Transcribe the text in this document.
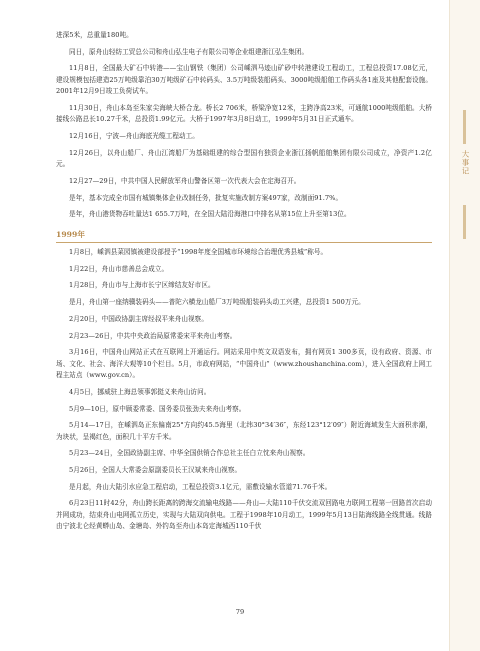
进深5米，总重量180吨。

同日，原舟山轻纺工贸总公司和舟山弘生电子有限公司等企业组建浙江弘生集团。

11月8日，全国最大矿石中转港——宝山钢铁（集团）公司嵊泗马迹山矿砂中转港建设工程动工，工程总投资17.08亿元，建设规模包括建造25万吨级靠泊30万吨级矿石中转码头、3.5万吨级装船码头、3000吨级船舶工作码头各1座及其他配套设施。2001年12月9日竣工负荷试车。

11月30日，舟山本岛至朱家尖海峡大桥合龙。桥长2 706米，桥梁净宽12米，主跨净高23米，可通航1000吨级船舶。大桥接线公路总长10.27千米，总投资1.99亿元。大桥于1997年3月8日动工，1999年5月31日正式通车。

12月16日，宁波—舟山海底光缆工程动工。

12月26日，以舟山船厂、舟山江湾船厂为基础组建的综合型国有独资企业浙江扬帆船舶集团有限公司成立，净资产1.2亿元。

12月27—29日，中共中国人民解放军舟山警备区第一次代表大会在定海召开。

是年，基本完成全市国有城镇集体企业改制任务，批复实施改制方案497家，改制面91.7%。

是年，舟山港货物吞吐量达1 655.7万吨，在全国大陆沿海港口中排名从第15位上升至第13位。

1999年

1月8日，嵊泗县菜园镇被建设部授予“1998年度全国城市环境综合治理优秀县城”称号。

1月22日，舟山市慈善总会成立。

1月28日，舟山市与上海市长宁区缔结友好市区。

是月，舟山第一座纳骥装码头——普陀六横龙山船厂3万吨级船装码头动工兴建，总投资1 500万元。

2月20日，中国政协副主席经叔平来舟山视察。

2月23—26日，中共中央政治局原常委宋平来舟山考察。

3月16日，中国舟山网站正式在互联网上开通运行。网站采用中英文双语发布，拥有网页1 300多页，设有政府、资源、市场、文化、社会、海洋大观等10个栏目。5月，市政府网站，“中国舟山”（www.zhoushanchina.com），进入全国政府上网工程主站点（www.gov.cn）。

4月5日，挪威驻上海总领事郭挺义来舟山访问。

5月9—10日，原中顾委常委、国务委员张劲夫来舟山考察。

5月14—17日，在嵊泗岛正东偏南25°方向约45.5海里（北纬30°34′36″，东经123°12′09″）附近海域发生大面积赤潮，为块状，呈褐红色，面积几十平方千米。

5月23—24日，全国政协副主席、中华全国供销合作总社主任白立忱来舟山视察。

5月26日，全国人大常委会原副委员长王汉斌来舟山视察。

是月起，舟山大陆引水应急工程启动，工程总投资3.1亿元，需敷设输水管道71.76千米。

6月23日11时42分，舟山跨长距离的跨海交流输电线路——舟山—大陆110千伏交流双回路电力联网工程第一回路首次启动并网成功，结束舟山电网孤立历史，实现与大陆双向供电。工程于1998年10月动工，1999年5月13日陆海线路全线贯通。线路由宁波北仑经黄蟒山岛、金塘岛、外钓岛至舟山本岛定海城西110千伏

大事记
79
